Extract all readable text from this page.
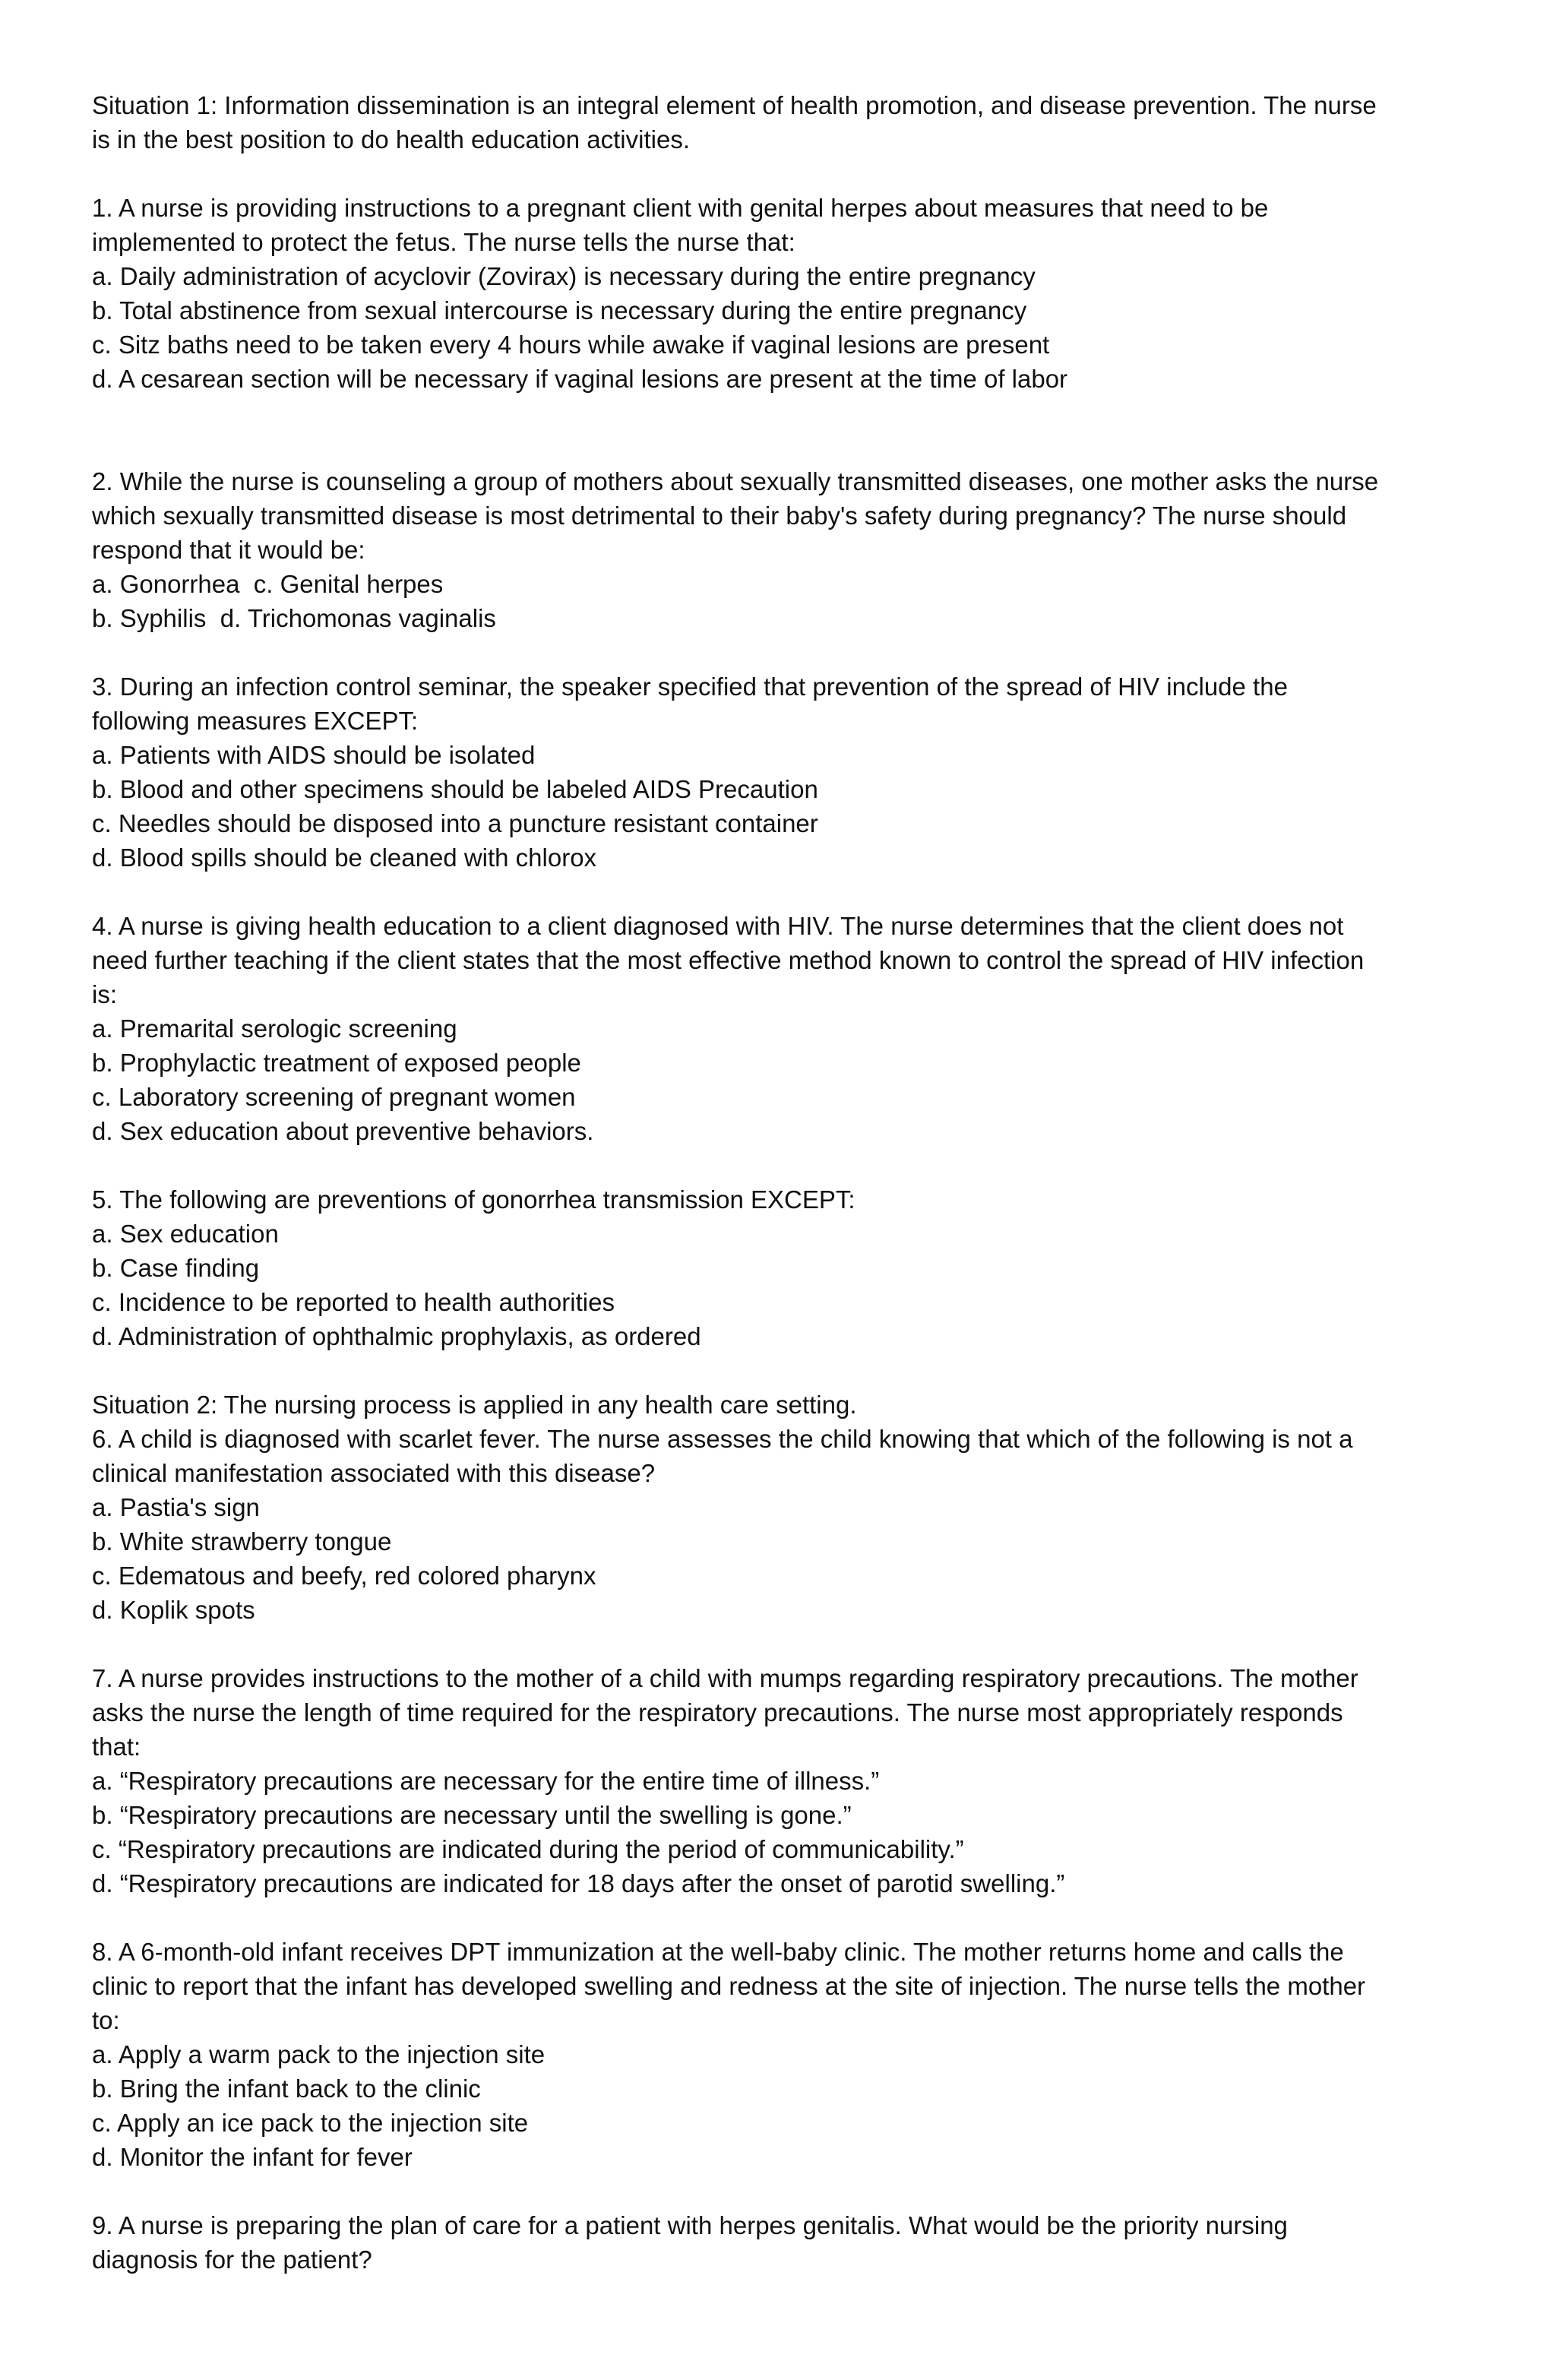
Situation 1: Information dissemination is an integral element of health promotion, and disease prevention. The nurse
is in the best position to do health education activities.
1. A nurse is providing instructions to a pregnant client with genital herpes about measures that need to be
implemented to protect the fetus. The nurse tells the nurse that:
a. Daily administration of acyclovir (Zovirax) is necessary during the entire pregnancy
b. Total abstinence from sexual intercourse is necessary during the entire pregnancy
c. Sitz baths need to be taken every 4 hours while awake if vaginal lesions are present
d. A cesarean section will be necessary if vaginal lesions are present at the time of labor
2. While the nurse is counseling a group of mothers about sexually transmitted diseases, one mother asks the nurse
which sexually transmitted disease is most detrimental to their baby's safety during pregnancy? The nurse should
respond that it would be:
a. Gonorrhea  c. Genital herpes
b. Syphilis  d. Trichomonas vaginalis
3. During an infection control seminar, the speaker specified that prevention of the spread of HIV include the
following measures EXCEPT:
a. Patients with AIDS should be isolated
b. Blood and other specimens should be labeled AIDS Precaution
c. Needles should be disposed into a puncture resistant container
d. Blood spills should be cleaned with chlorox
4. A nurse is giving health education to a client diagnosed with HIV. The nurse determines that the client does not
need further teaching if the client states that the most effective method known to control the spread of HIV infection
is:
a. Premarital serologic screening
b. Prophylactic treatment of exposed people
c. Laboratory screening of pregnant women
d. Sex education about preventive behaviors.
5. The following are preventions of gonorrhea transmission EXCEPT:
a. Sex education
b. Case finding
c. Incidence to be reported to health authorities
d. Administration of ophthalmic prophylaxis, as ordered
Situation 2: The nursing process is applied in any health care setting.
6. A child is diagnosed with scarlet fever. The nurse assesses the child knowing that which of the following is not a
clinical manifestation associated with this disease?
a. Pastia's sign
b. White strawberry tongue
c. Edematous and beefy, red colored pharynx
d. Koplik spots
7. A nurse provides instructions to the mother of a child with mumps regarding respiratory precautions. The mother
asks the nurse the length of time required for the respiratory precautions. The nurse most appropriately responds
that:
a. “Respiratory precautions are necessary for the entire time of illness.”
b. “Respiratory precautions are necessary until the swelling is gone.”
c. “Respiratory precautions are indicated during the period of communicability.”
d. “Respiratory precautions are indicated for 18 days after the onset of parotid swelling.”
8. A 6-month-old infant receives DPT immunization at the well-baby clinic. The mother returns home and calls the
clinic to report that the infant has developed swelling and redness at the site of injection. The nurse tells the mother
to:
a. Apply a warm pack to the injection site
b. Bring the infant back to the clinic
c. Apply an ice pack to the injection site
d. Monitor the infant for fever
9. A nurse is preparing the plan of care for a patient with herpes genitalis. What would be the priority nursing
diagnosis for the patient?
